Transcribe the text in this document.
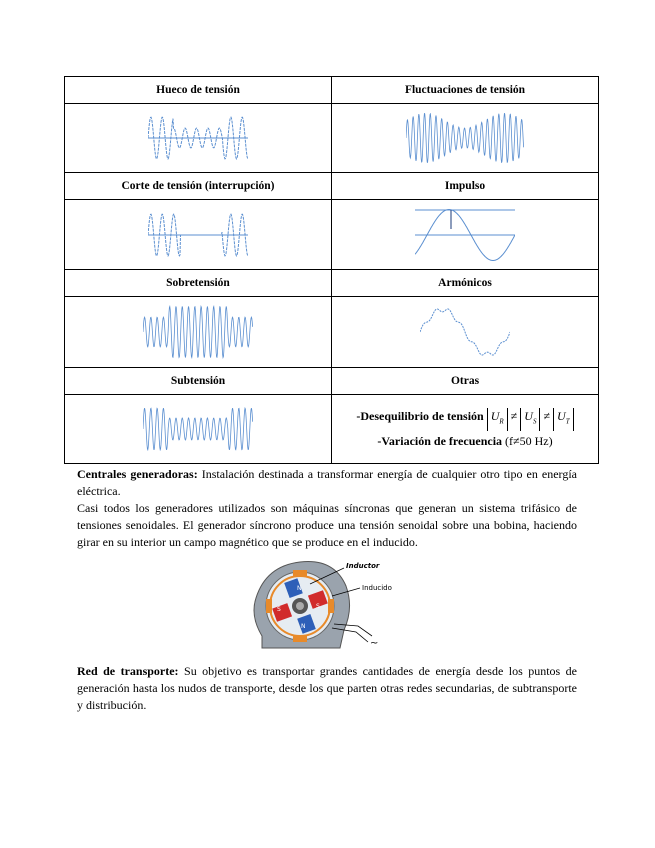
Hueco de tensión	Fluctuaciones de tensión

Corte de tensión (interrupción)	Impulso

Sobretensión	Armónicos

Subtensión	Otras

-Desequilibrio de tensión $U_R \ne U_S \ne U_T$
-Variación de frecuencia (f≠50 Hz)

Centrales generadoras: Instalación destinada a transformar energía de cualquier otro tipo en energía eléctrica.
Casi todos los generadores utilizados son máquinas síncronas que generan un sistema trifásico de tensiones senoidales. El generador síncrono produce una tensión senoidal sobre una bobina, haciendo girar en su interior un campo magnético que se produce en el inducido.

N
S	S
N
Inductor
Inducido
~

Red de transporte: Su objetivo es transportar grandes cantidades de energía desde los puntos de generación hasta los nudos de transporte, desde los que parten otras redes secundarias, de subtransporte y distribución.
